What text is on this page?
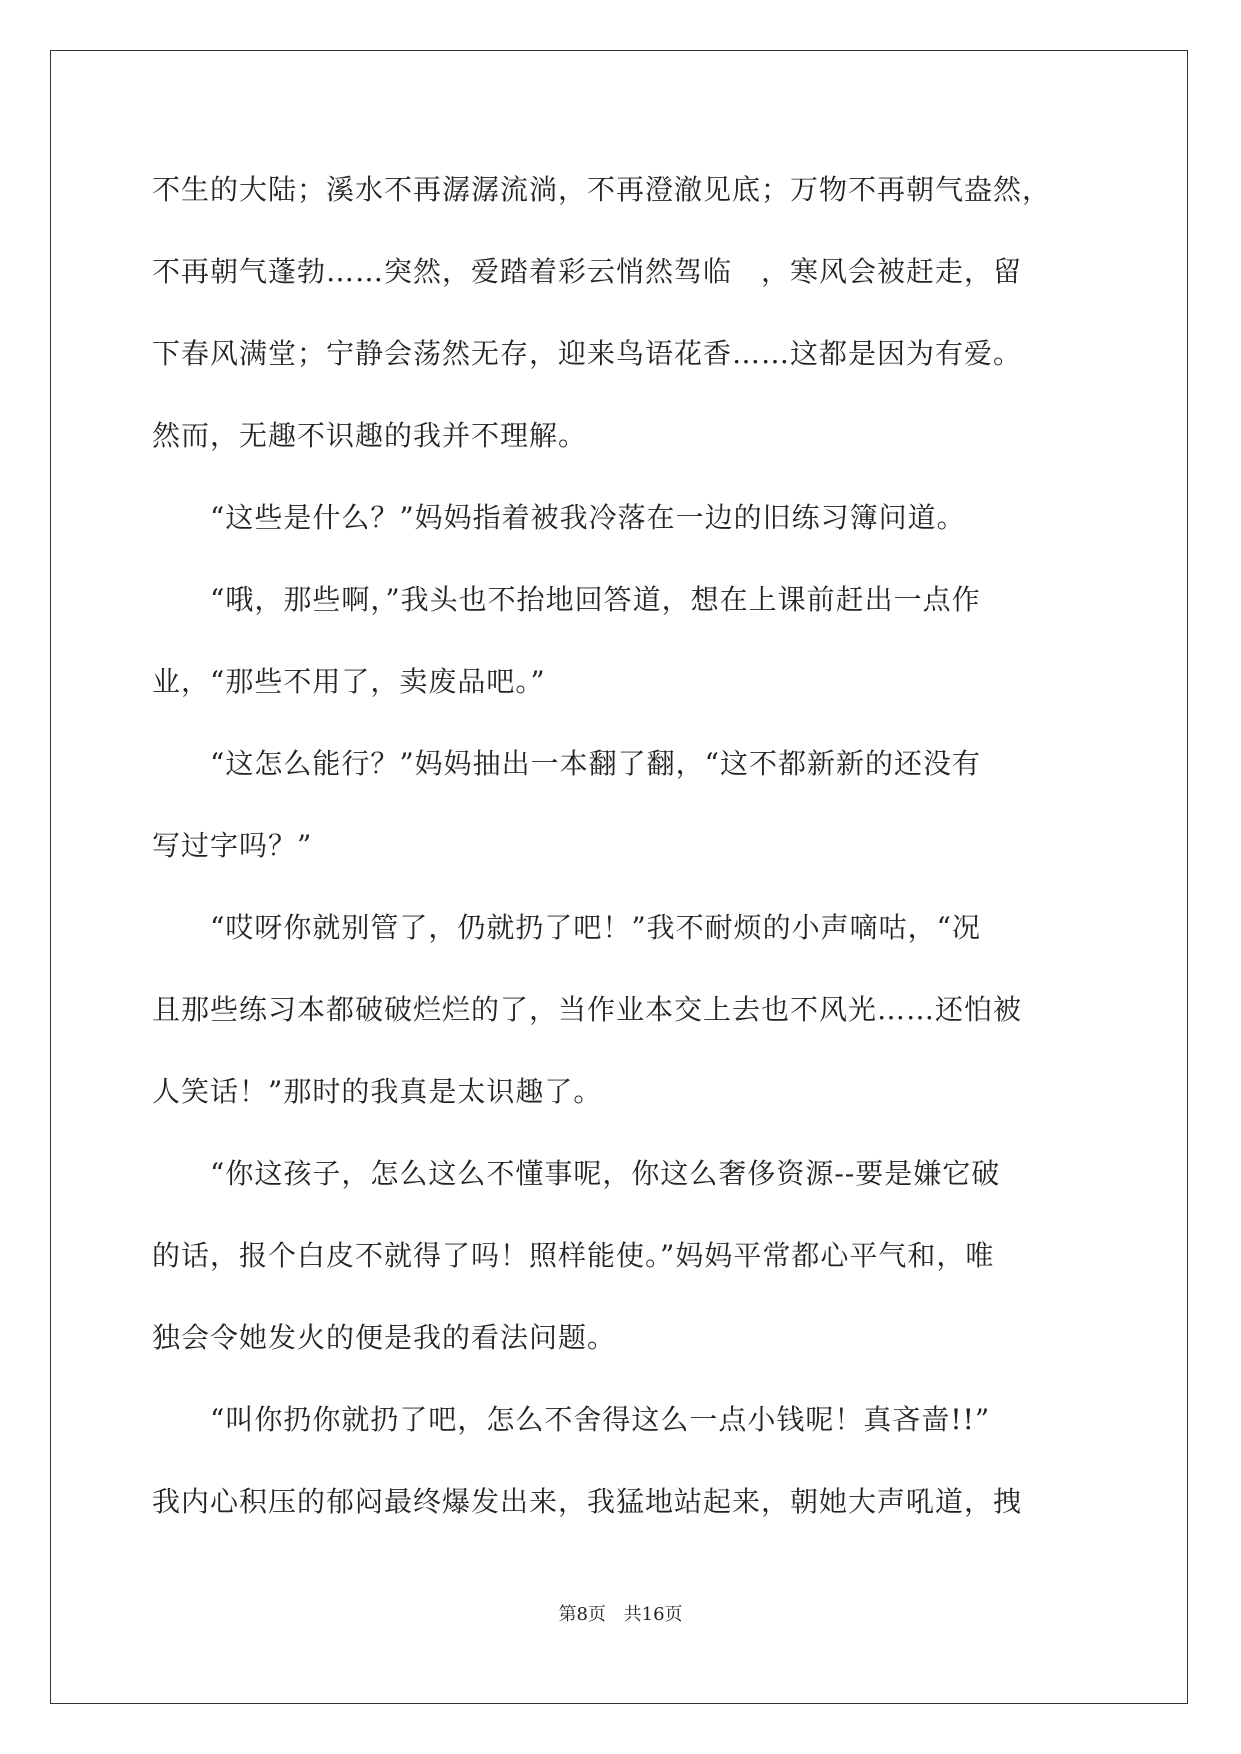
不生的大陆；溪水不再潺潺流淌，不再澄澈见底；万物不再朝气盎然，
不再朝气蓬勃……突然，爱踏着彩云悄然驾临　，寒风会被赶走，留
下春风满堂；宁静会荡然无存，迎来鸟语花香……这都是因为有爱。
然而，无趣不识趣的我并不理解。
　　“这些是什么？”妈妈指着被我冷落在一边的旧练习簿问道。
　　“哦，那些啊，”我头也不抬地回答道，想在上课前赶出一点作
业，“那些不用了，卖废品吧。”
　　“这怎么能行？”妈妈抽出一本翻了翻，“这不都新新的还没有
写过字吗？”
　　“哎呀你就别管了，仍就扔了吧！”我不耐烦的小声嘀咕，“况
且那些练习本都破破烂烂的了，当作业本交上去也不风光……还怕被
人笑话！”那时的我真是太识趣了。
　　“你这孩子，怎么这么不懂事呢，你这么奢侈资源--要是嫌它破
的话，报个白皮不就得了吗！照样能使。”妈妈平常都心平气和，唯
独会令她发火的便是我的看法问题。
　　“叫你扔你就扔了吧，怎么不舍得这么一点小钱呢！真吝啬!!”
我内心积压的郁闷最终爆发出来，我猛地站起来，朝她大声吼道，拽
第8页 共16页
